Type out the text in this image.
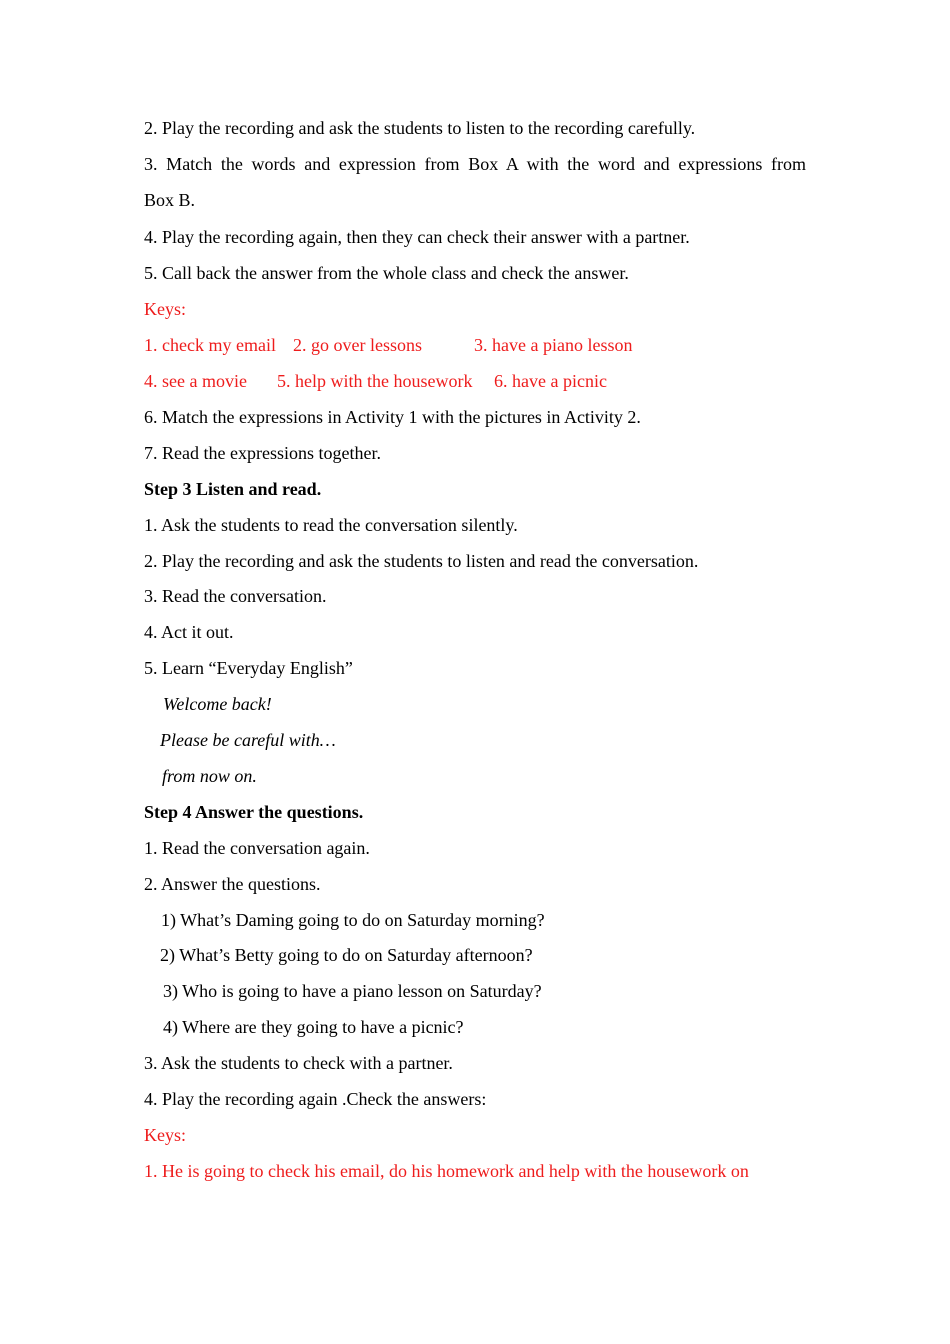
2. Play the recording and ask the students to listen to the recording carefully.
3. Match the words and expression from Box A with the word and expressions from
Box B.
4. Play the recording again, then they can check their answer with a partner.
5. Call back the answer from the whole class and check the answer.
Keys:
1. check my email 2. go over lessons	3. have a piano lesson
4. see a movie 5. help with the housework 6. have a picnic
6. Match the expressions in Activity 1 with the pictures in Activity 2.
7. Read the expressions together.
Step 3 Listen and read.
1. Ask the students to read the conversation silently.
2. Play the recording and ask the students to listen and read the conversation.
3. Read the conversation.
4. Act it out.
5. Learn “Everyday English”
Welcome back!
Please be careful with…
from now on.
Step 4 Answer the questions.
1. Read the conversation again.
2. Answer the questions.
1) What’s Daming going to do on Saturday morning?
2) What’s Betty going to do on Saturday afternoon?
3) Who is going to have a piano lesson on Saturday?
4) Where are they going to have a picnic?
3. Ask the students to check with a partner.
4. Play the recording again .Check the answers:
Keys:
1. He is going to check his email, do his homework and help with the housework on
